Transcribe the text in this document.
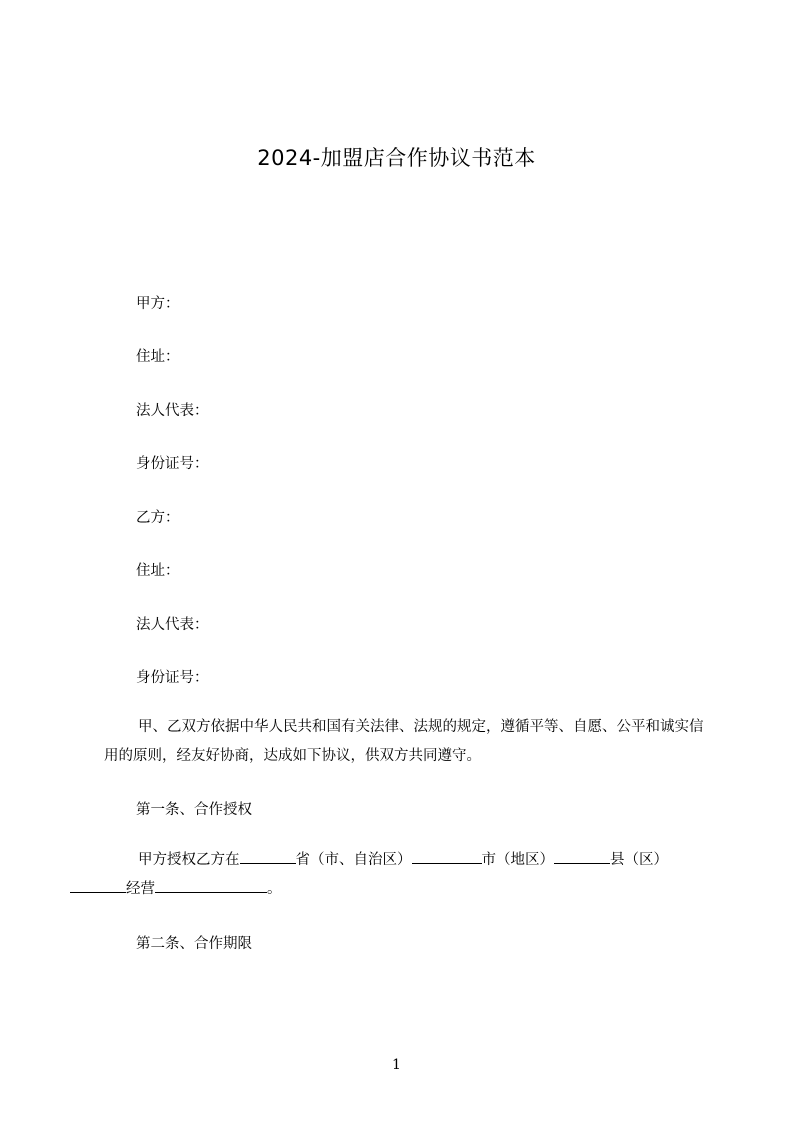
2024-加盟店合作协议书范本
甲方：
住址：
法人代表：
身份证号：
乙方：
住址：
法人代表：
身份证号：
甲、乙双方依据中华人民共和国有关法律、法规的规定，遵循平等、自愿、公平和诚实信用的原则，经友好协商，达成如下协议，供双方共同遵守。
第一条、合作授权
甲方授权乙方在	省（市、自治区）	市（地区）	县（区）
经营	。
第二条、合作期限
1
